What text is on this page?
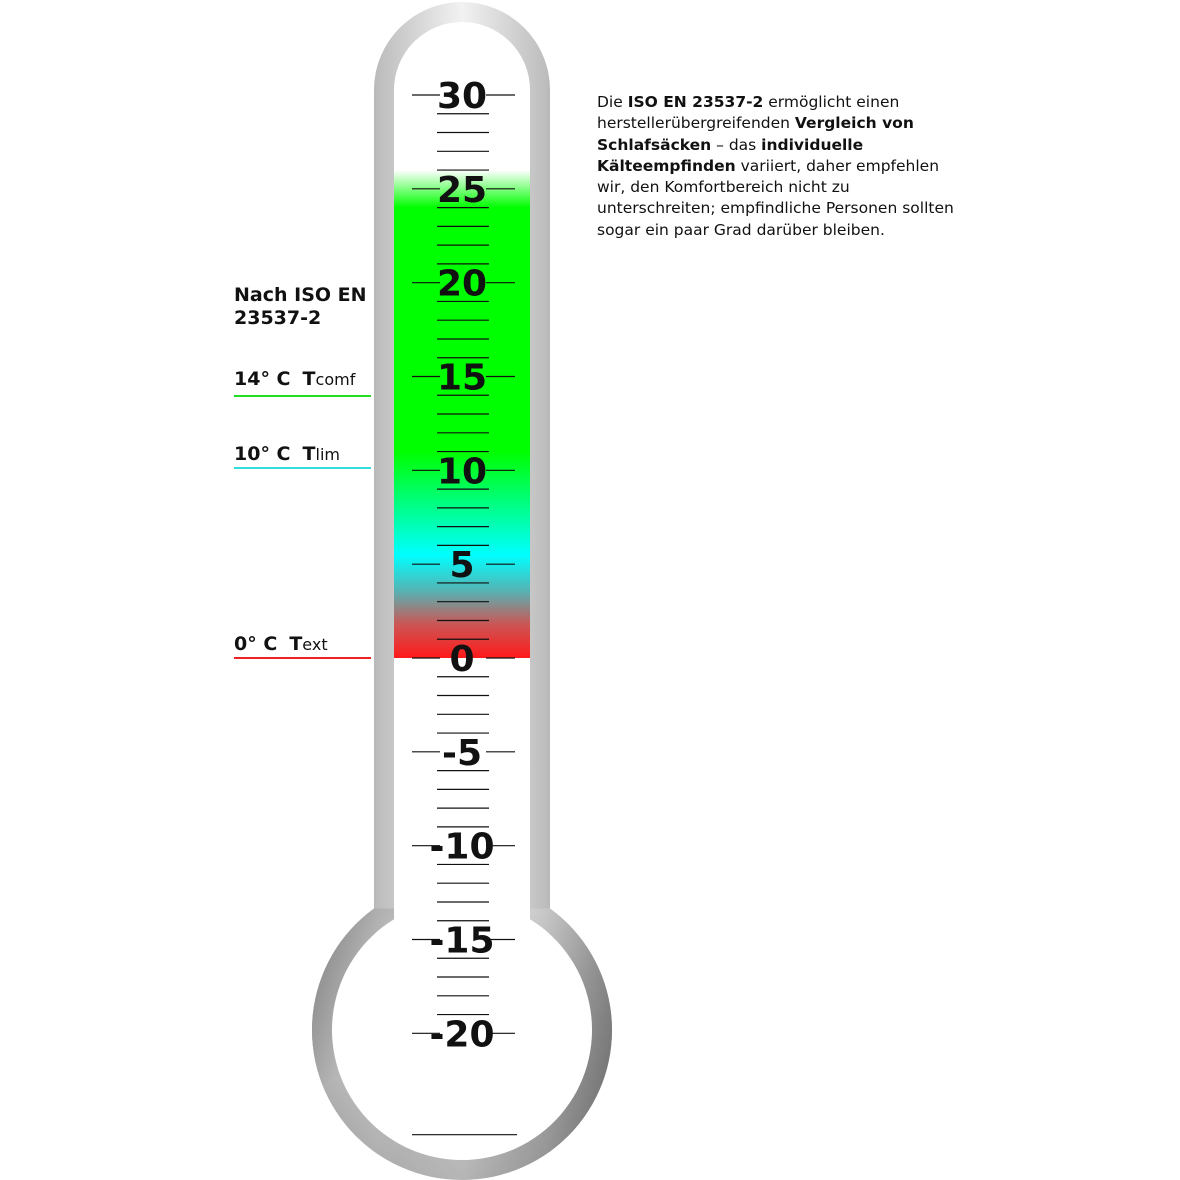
30
25
20
15
10
5
0
-5
-10
-15
-20
Nach ISO EN
23537-2
14° C Tcomf
10° C Tlim
0° C Text
Die ISO EN 23537-2 ermöglicht einen herstellerübergreifenden Vergleich von Schlafsäcken – das individuelle Kälteempfinden variiert, daher empfehlen wir, den Komfortbereich nicht zu unterschreiten; empfindliche Personen sollten sogar ein paar Grad darüber bleiben.
